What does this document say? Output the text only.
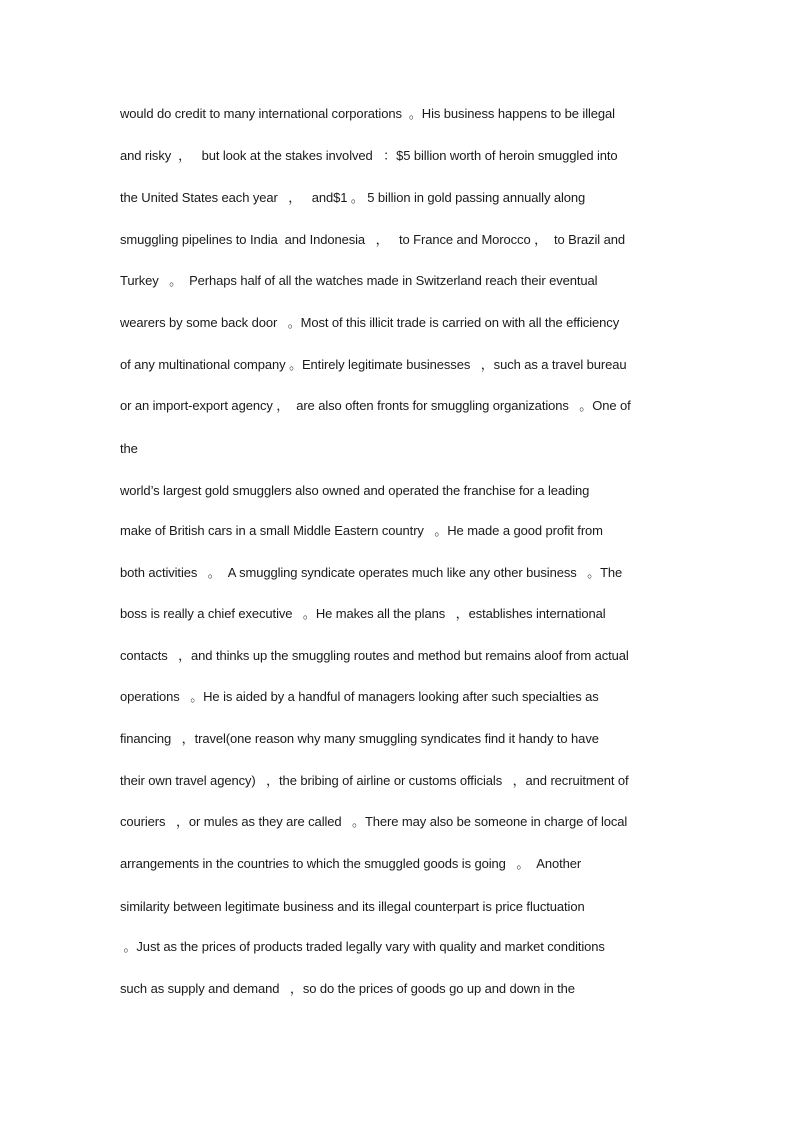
would do credit to many international corporations  。His business happens to be illegal

and risky  ，   but look at the stakes involved   ：$5 billion worth of heroin smuggled into

the United States each year   ，   and$1 。 5 billion in gold passing annually along

smuggling pipelines to India  and Indonesia   ，   to France and Morocco ，  to Brazil and

Turkey   。  Perhaps half of all the watches made in Switzerland reach their eventual

wearers by some back door   。Most of this illicit trade is carried on with all the efficiency

of any multinational company 。Entirely legitimate businesses   ，such as a travel bureau

or an import-export agency ，  are also often fronts for smuggling organizations   。One of

the

world’s largest gold smugglers also owned and operated the franchise for a leading

make of British cars in a small Middle Eastern country   。He made a good profit from

both activities   。  A smuggling syndicate operates much like any other business   。The

boss is really a chief executive   。He makes all the plans   ，establishes international

contacts   ，and thinks up the smuggling routes and method but remains aloof from actual

operations   。He is aided by a handful of managers looking after such specialties as

financing   ，travel(one reason why many smuggling syndicates find it handy to have

their own travel agency)   ，the bribing of airline or customs officials   ，and recruitment of

couriers   ，or mules as they are called   。There may also be someone in charge of local

arrangements in the countries to which the smuggled goods is going   。  Another

similarity between legitimate business and its illegal counterpart is price fluctuation

。Just as the prices of products traded legally vary with quality and market conditions

such as supply and demand   ，so do the prices of goods go up and down in the
